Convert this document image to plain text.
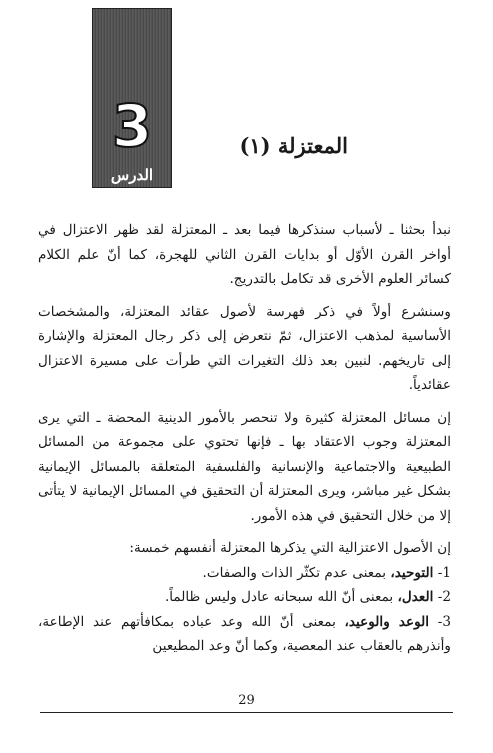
3
الدرس
المعتزلة (١)

نبدأ بحثنا ـ لأسباب سنذكرها فيما بعد ـ المعتزلة لقد ظهر الاعتزال في أواخر القرن الأوّل أو بدايات القرن الثاني للهجرة، كما أنّ علم الكلام كسائر العلوم الأخرى قد تكامل بالتدريج.

وسنشرع أولاً في ذكر فهرسة لأصول عقائد المعتزلة، والمشخصات الأساسية لمذهب الاعتزال، ثمّ نتعرض إلى ذكر رجال المعتزلة والإشارة إلى تاريخهم. لنبين بعد ذلك التغيرات التي طرأت على مسيرة الاعتزال عقائدياً.

إن مسائل المعتزلة كثيرة ولا تنحصر بالأمور الدينية المحضة ـ التي يرى المعتزلة وجوب الاعتقاد بها ـ فإنها تحتوي على مجموعة من المسائل الطبيعية والاجتماعية والإنسانية والفلسفية المتعلقة بالمسائل الإيمانية بشكل غير مباشر، ويرى المعتزلة أن التحقيق في المسائل الإيمانية لا يتأتى إلا من خلال التحقيق في هذه الأمور.

إن الأصول الاعتزالية التي يذكرها المعتزلة أنفسهم خمسة:

1- التوحيد، بمعنى عدم تكثّر الذات والصفات.

2- العدل، بمعنى أنّ الله سبحانه عادل وليس ظالماً.

3- الوعد والوعيد، بمعنى أنّ الله وعد عباده بمكافأتهم عند الإطاعة، وأنذرهم بالعقاب عند المعصية، وكما أنّ وعد المطيعين

29
